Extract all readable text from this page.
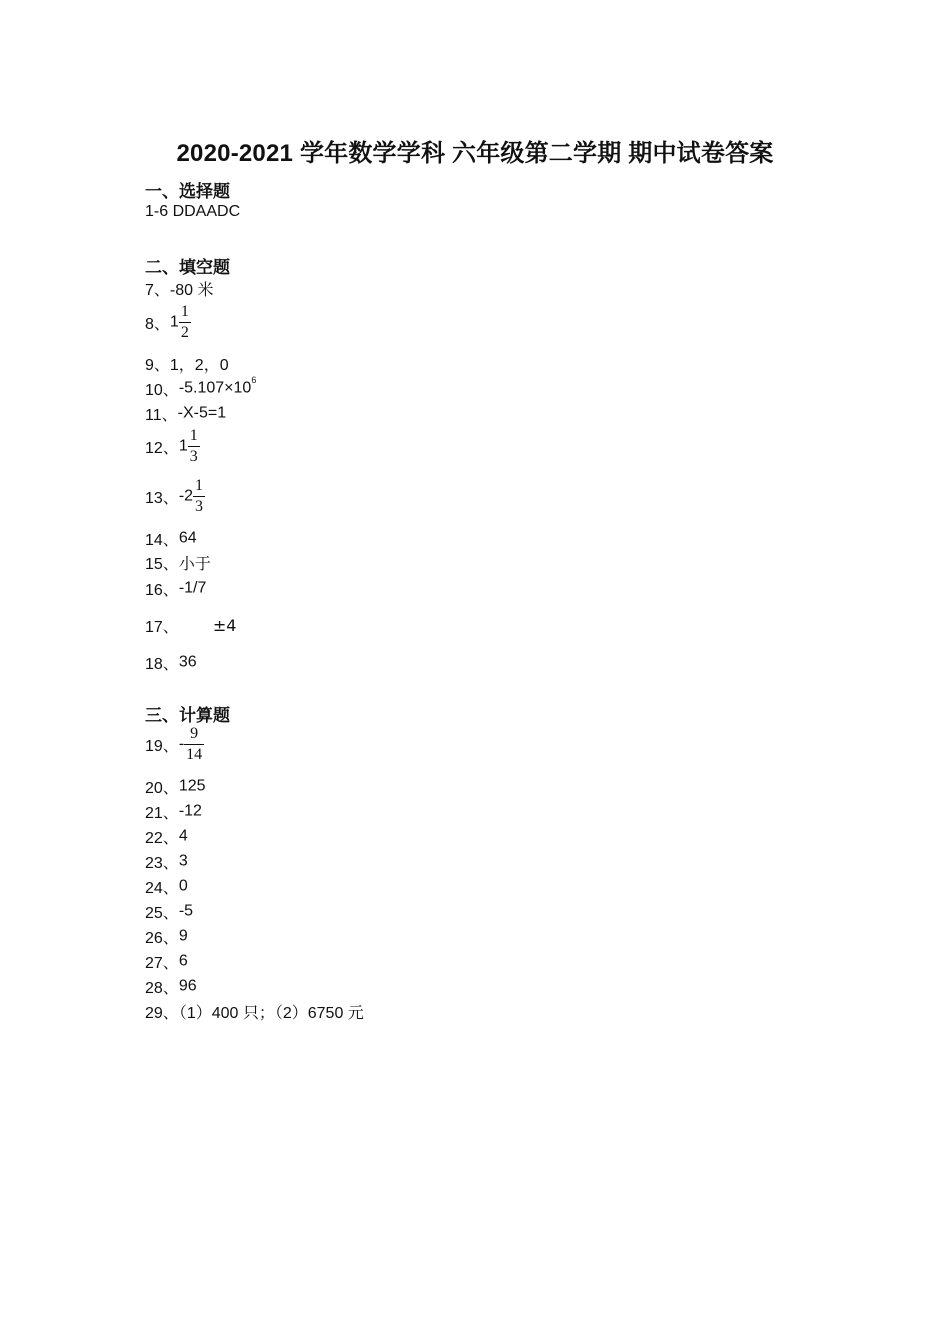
2020-2021 学年数学学科 六年级第二学期 期中试卷答案
一、选择题
1-6 DDAADC
二、填空题
7、-80 米
8、$1 \frac{1}{2}$
9、1，2，0
10、$-5.107\times 10^6$
11、-X-5=1
12、$1 \frac{1}{3}$
13、$-2 \frac{1}{3}$
14、64
15、小于
16、-1/7
17、 ±4
18、36
三、计算题
19、- $\frac{9}{14}$
20、125
21、-12
22、4
23、3
24、0
25、-5
26、9
27、6
28、96
29、（1）400 只；（2）6750 元
